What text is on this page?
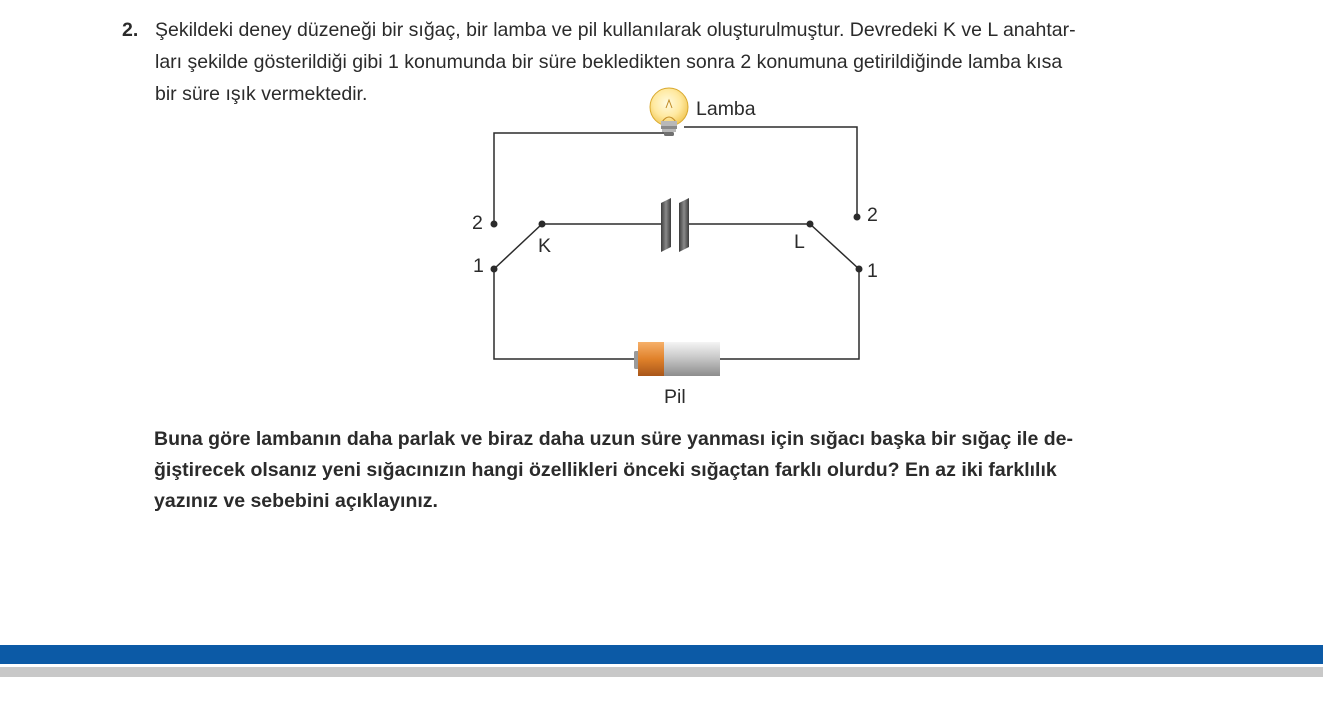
2. Şekildeki deney düzeneği bir sığaç, bir lamba ve pil kullanılarak oluşturulmuştur. Devredeki K ve L anahtar-
ları şekilde gösterildiği gibi 1 konumunda bir süre bekledikten sonra 2 konumuna getirildiğinde lamba kısa
bir süre ışık vermektedir.
Lamba
K	L
2
1
2
1
Pil
Buna göre lambanın daha parlak ve biraz daha uzun süre yanması için sığacı başka bir sığaç ile de-
ğiştirecek olsanız yeni sığacınızın hangi özellikleri önceki sığaçtan farklı olurdu? En az iki farklılık
yazınız ve sebebini açıklayınız.
